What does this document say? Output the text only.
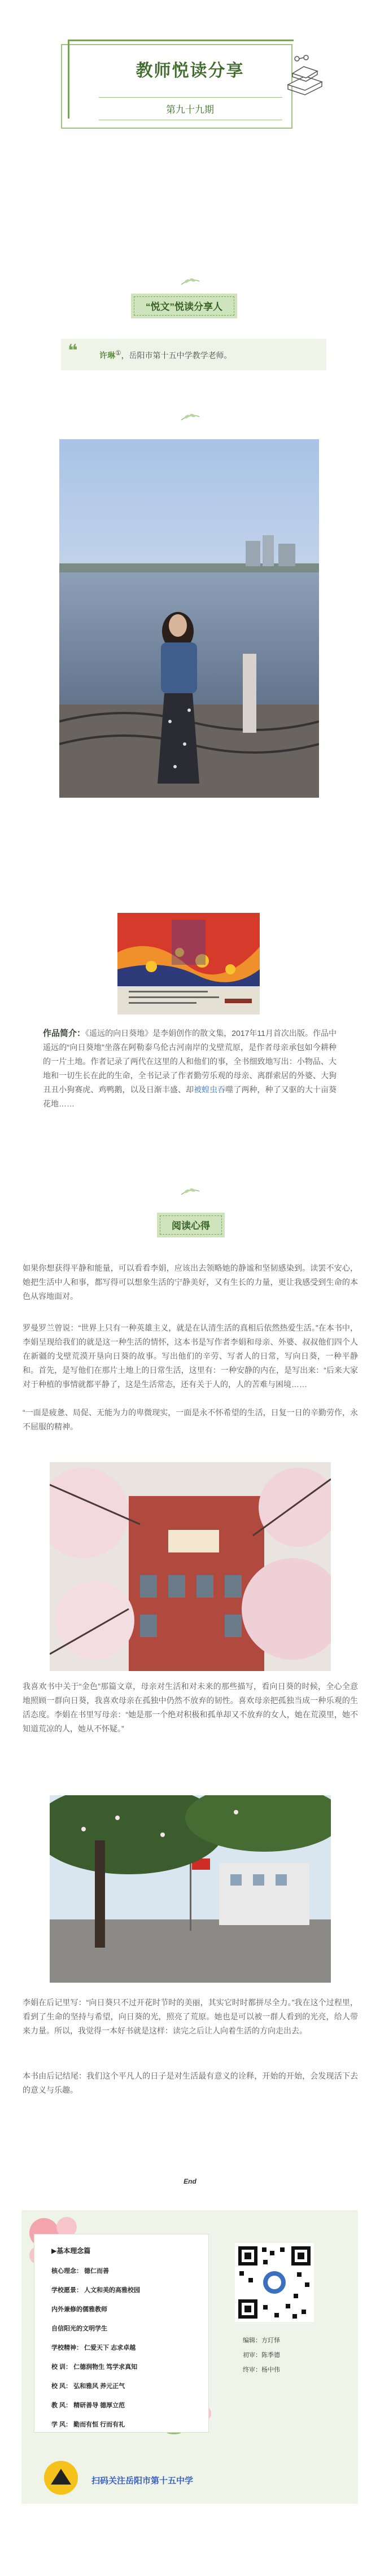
教师悦读分享
第九十九期
“悦文”悦读分享人
❝	许琳①，岳阳市第十五中学教学老师。
作品简介：《遥远的向日葵地》是李娟创作的散文集，2017年11月首次出版。作品中遥远的“向日葵地”坐落在阿勒泰乌伦古河南岸的戈壁荒原，是作者母亲承包如今耕种的一片土地。作者记录了两代在这里的人和他们的事，全书细致地写出：小物品、大地和一切生长在此的生命，全书记录了作者勤劳乐观的母亲、离群索居的外婆、大狗丑丑小狗赛虎、鸡鸭鹅，以及日渐丰盛、却被蝗虫吞噬了两种，种了又驱的大十亩葵花地……
阅读心得
如果你想获得平静和能量，可以看看李娟，应该出去领略她的静谧和坚韧感染到。读罢不安心，她把生活中人和事，都写得可以想象生活的宁静美好，又有生长的力量，更让我感受到生命的本色从容地面对。
罗曼罗兰曾说：“世界上只有一种英雄主义，就是在认清生活的真相后依然热爱生活。”在本书中，李娟呈现给我们的就是这一种生活的情怀，这本书是写作者李娟和母亲、外婆、叔叔他们四个人在新疆的戈壁荒漠开垦向日葵的故事。写出他们的辛劳、写者人的日常，写向日葵，一种平静和。首先，是写他们在那片土地上的日常生活，这里有：一种安静的内在，是写出来：“后来大家对于种植的事情就都平静了，这是生活常态，还有关于人的，人的苦难与困境……
“一面是疲惫、局促、无能为力的卑微现实，一面是永不怀希望的生活，日复一日的辛勤劳作，永不屈服的精神。
我喜欢书中关于“金色”那篇文章，母亲对生活和对未来的那些描写，看向日葵的时候，全心全意地照顾一群向日葵，我喜欢母亲在孤独中仍然不放弃的韧性。喜欢母亲把孤独当成一种乐观的生活态度。李娟在书里写母亲：“她是那一个绝对积极和孤单却又不放弃的女人，她在荒漠里，她不知道荒凉的人，她从不怀疑。”
李娟在后记里写：“向日葵只不过开花时节时的美丽，其实它时时都拼尽全力。”我在这个过程里，看到了生命的坚持与希望，向日葵的光，照亮了荒原。她也是可以被一群人看到的光亮，给人带来力量。所以，我觉得一本好书就是这样：读完之后让人向着生活的方向走出去。
本书由后记结尾：我们这个平凡人的日子是对生活最有意义的诠释，开始的开始，会发现活下去的意义与乐趣。
End
▶基本理念篇
核心理念： 德仁而善
学校愿景： 人文和美的高雅校园
内外兼修的儒雅教师
自信阳光的文明学生
学校精神： 仁爱天下 志求卓越
校 训： 仁德润物生 笃学求真知
校 风： 弘和雅风 养元正气
教 风： 精研善导 德厚立范
学 风： 勤而有恒 行而有礼
编辑：方玎怿
初审：陈季德
终审：杨中伟
扫码关注岳阳市第十五中学
